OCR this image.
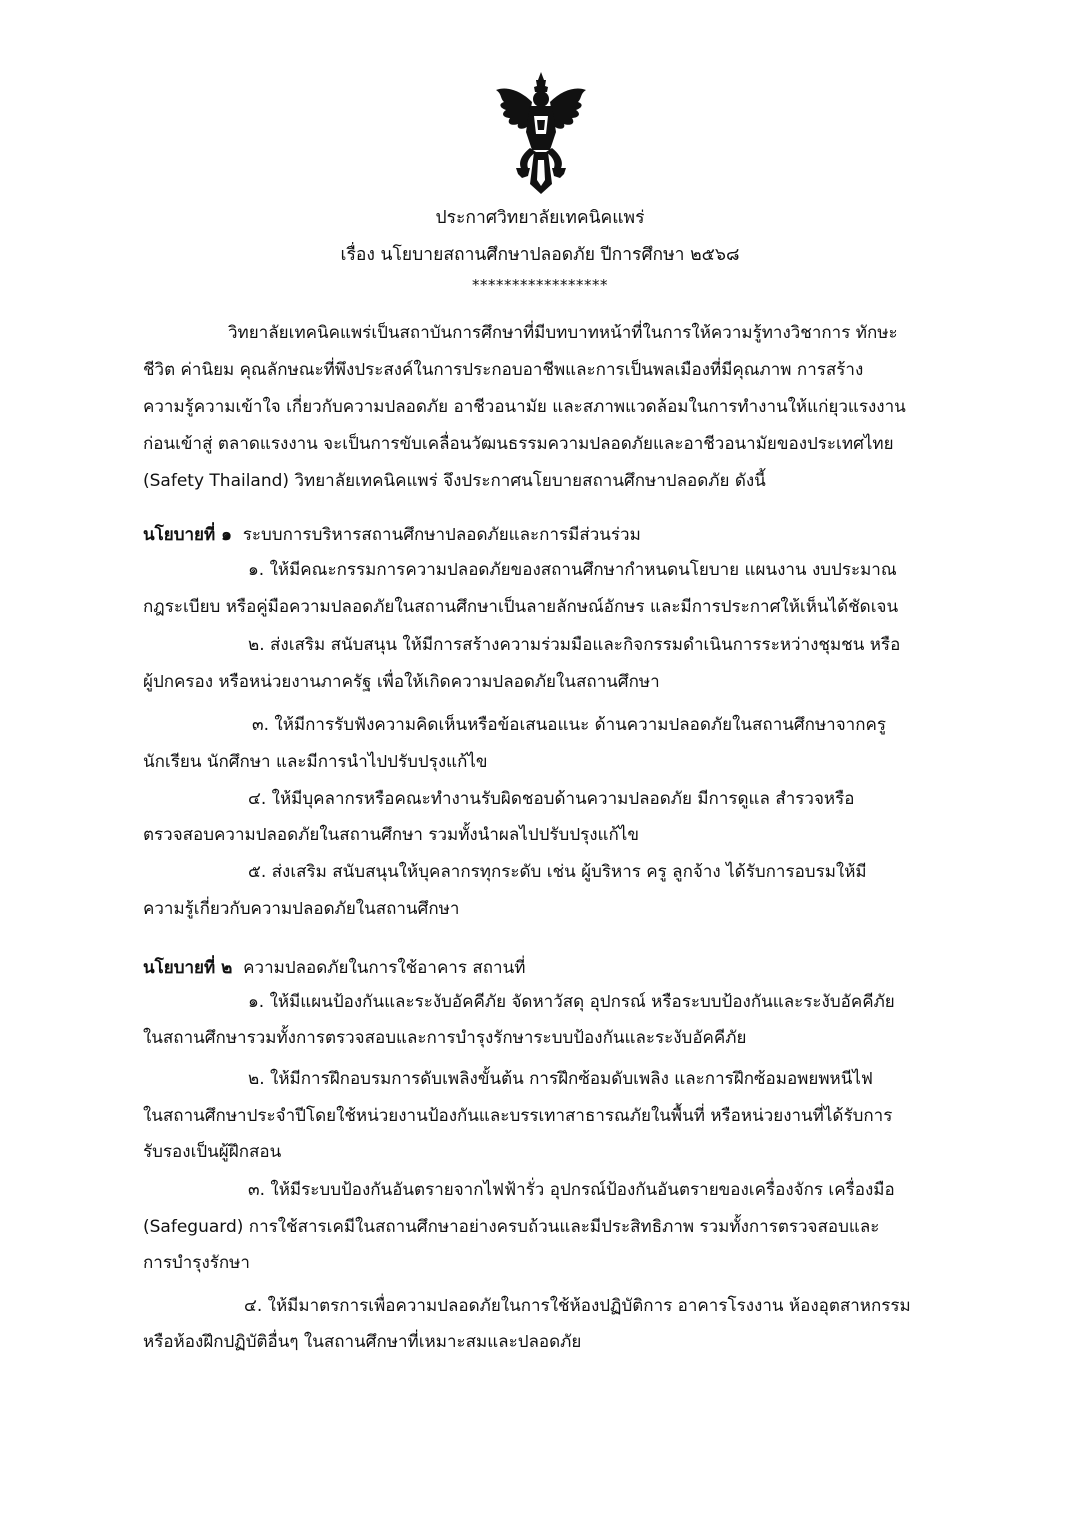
ประกาศวิทยาลัยเทคนิคแพร่
เรื่อง นโยบายสถานศึกษาปลอดภัย ปีการศึกษา ๒๕๖๘
*****************
วิทยาลัยเทคนิคแพร่เป็นสถาบันการศึกษาที่มีบทบาทหน้าที่ในการให้ความรู้ทางวิชาการ ทักษะ
ชีวิต ค่านิยม คุณลักษณะที่พึงประสงค์ในการประกอบอาชีพและการเป็นพลเมืองที่มีคุณภาพ การสร้าง
ความรู้ความเข้าใจ เกี่ยวกับความปลอดภัย อาชีวอนามัย และสภาพแวดล้อมในการทำงานให้แก่ยุวแรงงาน
ก่อนเข้าสู่ ตลาดแรงงาน จะเป็นการขับเคลื่อนวัฒนธรรมความปลอดภัยและอาชีวอนามัยของประเทศไทย
(Safety Thailand) วิทยาลัยเทคนิคแพร่ จึงประกาศนโยบายสถานศึกษาปลอดภัย ดังนี้
นโยบายที่ ๑ ระบบการบริหารสถานศึกษาปลอดภัยและการมีส่วนร่วม
๑. ให้มีคณะกรรมการความปลอดภัยของสถานศึกษากำหนดนโยบาย แผนงาน งบประมาณ
กฎระเบียบ หรือคู่มือความปลอดภัยในสถานศึกษาเป็นลายลักษณ์อักษร และมีการประกาศให้เห็นได้ชัดเจน
๒. ส่งเสริม สนับสนุน ให้มีการสร้างความร่วมมือและกิจกรรมดำเนินการระหว่างชุมชน หรือ
ผู้ปกครอง หรือหน่วยงานภาครัฐ เพื่อให้เกิดความปลอดภัยในสถานศึกษา
๓. ให้มีการรับฟังความคิดเห็นหรือข้อเสนอแนะ ด้านความปลอดภัยในสถานศึกษาจากครู
นักเรียน นักศึกษา และมีการนำไปปรับปรุงแก้ไข
๔. ให้มีบุคลากรหรือคณะทำงานรับผิดชอบด้านความปลอดภัย มีการดูแล สำรวจหรือ
ตรวจสอบความปลอดภัยในสถานศึกษา รวมทั้งนำผลไปปรับปรุงแก้ไข
๕. ส่งเสริม สนับสนุนให้บุคลากรทุกระดับ เช่น ผู้บริหาร ครู ลูกจ้าง ได้รับการอบรมให้มี
ความรู้เกี่ยวกับความปลอดภัยในสถานศึกษา
นโยบายที่ ๒ ความปลอดภัยในการใช้อาคาร สถานที่
๑. ให้มีแผนป้องกันและระงับอัคคีภัย จัดหาวัสดุ อุปกรณ์ หรือระบบป้องกันและระงับอัคคีภัย
ในสถานศึกษารวมทั้งการตรวจสอบและการบำรุงรักษาระบบป้องกันและระงับอัคคีภัย
๒. ให้มีการฝึกอบรมการดับเพลิงขั้นต้น การฝึกซ้อมดับเพลิง และการฝึกซ้อมอพยพหนีไฟ
ในสถานศึกษาประจำปีโดยใช้หน่วยงานป้องกันและบรรเทาสาธารณภัยในพื้นที่ หรือหน่วยงานที่ได้รับการ
รับรองเป็นผู้ฝึกสอน
๓. ให้มีระบบป้องกันอันตรายจากไฟฟ้ารั่ว อุปกรณ์ป้องกันอันตรายของเครื่องจักร เครื่องมือ
(Safeguard) การใช้สารเคมีในสถานศึกษาอย่างครบถ้วนและมีประสิทธิภาพ รวมทั้งการตรวจสอบและ
การบำรุงรักษา
๔. ให้มีมาตรการเพื่อความปลอดภัยในการใช้ห้องปฏิบัติการ อาคารโรงงาน ห้องอุตสาหกรรม
หรือห้องฝึกปฏิบัติอื่นๆ ในสถานศึกษาที่เหมาะสมและปลอดภัย
